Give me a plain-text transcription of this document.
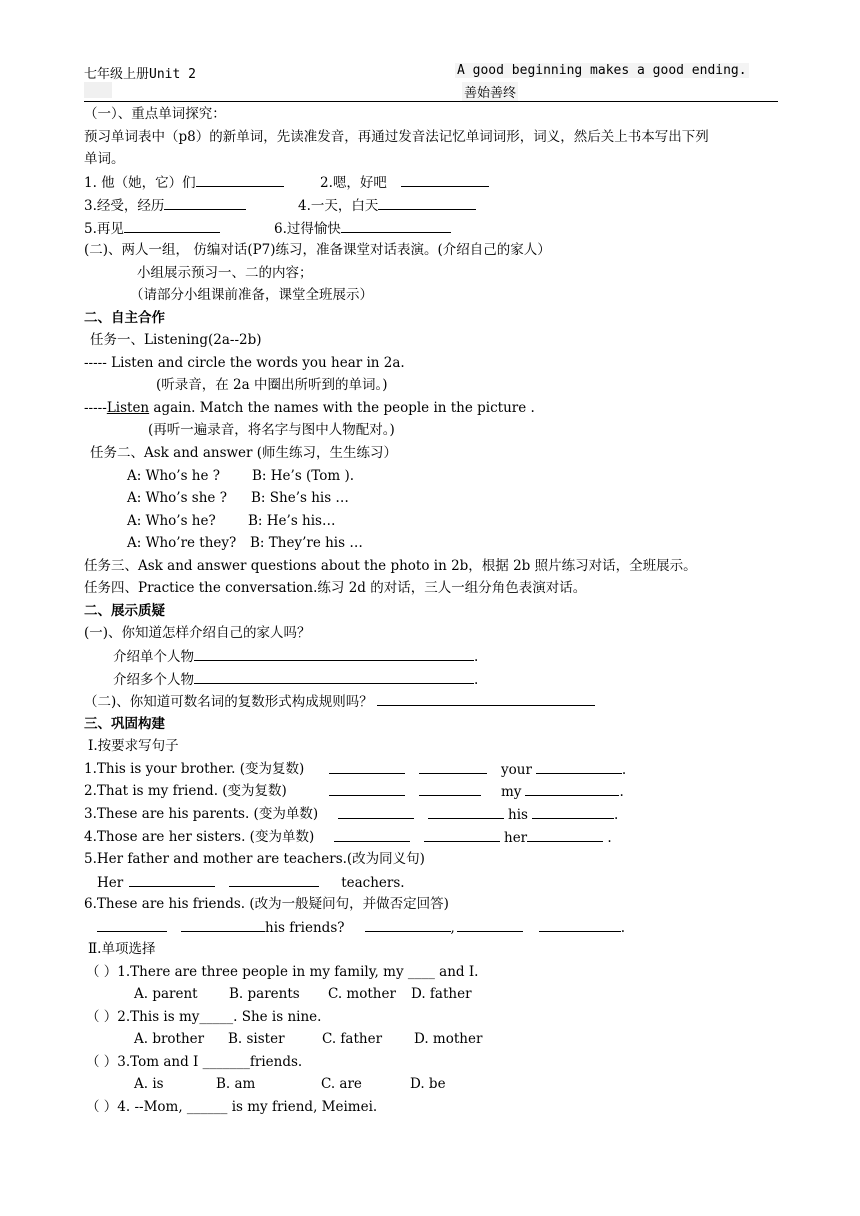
七年级上册Unit 2	A good beginning makes a good ending.
善始善终
（一）、重点单词探究：
预习单词表中（p8）的新单词，先读准发音，再通过发音法记忆单词词形，词义，然后关上书本写出下列
单词。
1. 他（她，它）们	2.嗯，好吧
3.经受，经历	4.一天，白天
5.再见	6.过得愉快
(二)、两人一组， 仿编对话(P7)练习，准备课堂对话表演。(介绍自己的家人）
小组展示预习一、二的内容；
（请部分小组课前准备，课堂全班展示）
二、自主合作
任务一、Listening(2a--2b)
----- Listen and circle the words you hear in 2a.
(听录音，在 2a 中圈出所听到的单词。)
-----Listen again. Match the names with the people in the picture .
(再听一遍录音，将名字与图中人物配对。)
任务二、Ask and answer (师生练习，生生练习）
A: Who’s he ? B: He’s (Tom ).
A: Who’s she ? B: She’s his …
A: Who’s he? B: He’s his…
A: Who’re they? B: They’re his …
任务三、Ask and answer questions about the photo in 2b，根据 2b 照片练习对话，全班展示。
任务四、Practice the conversation.练习 2d 的对话，三人一组分角色表演对话。
二、展示质疑
(一)、你知道怎样介绍自己的家人吗？
介绍单个人物	.
介绍多个人物	.
（二)、你知道可数名词的复数形式构成规则吗？
三、巩固构建
Ⅰ.按要求写句子
1.This is your brother. (变为复数)	your	.
2.That is my friend. (变为复数)	my	.
3.These are his parents. (变为单数)	his	.
4.Those are her sisters. (变为单数)	her	.
5.Her father and mother are teachers.(改为同义句)
Her	teachers.
6.These are his friends. (改为一般疑问句，并做否定回答)
his friends?	,	.
Ⅱ.单项选择
（ ）1.There are three people in my family, my ____ and I.
A. parent B. parents C. mother D. father
（ ）2.This is my_____. She is nine.
A. brother B. sister	C. father D. mother
（ ）3.Tom and I _______friends.
A. is	B. am	C. are	D. be
（ ）4. --Mom, ______ is my friend, Meimei.
